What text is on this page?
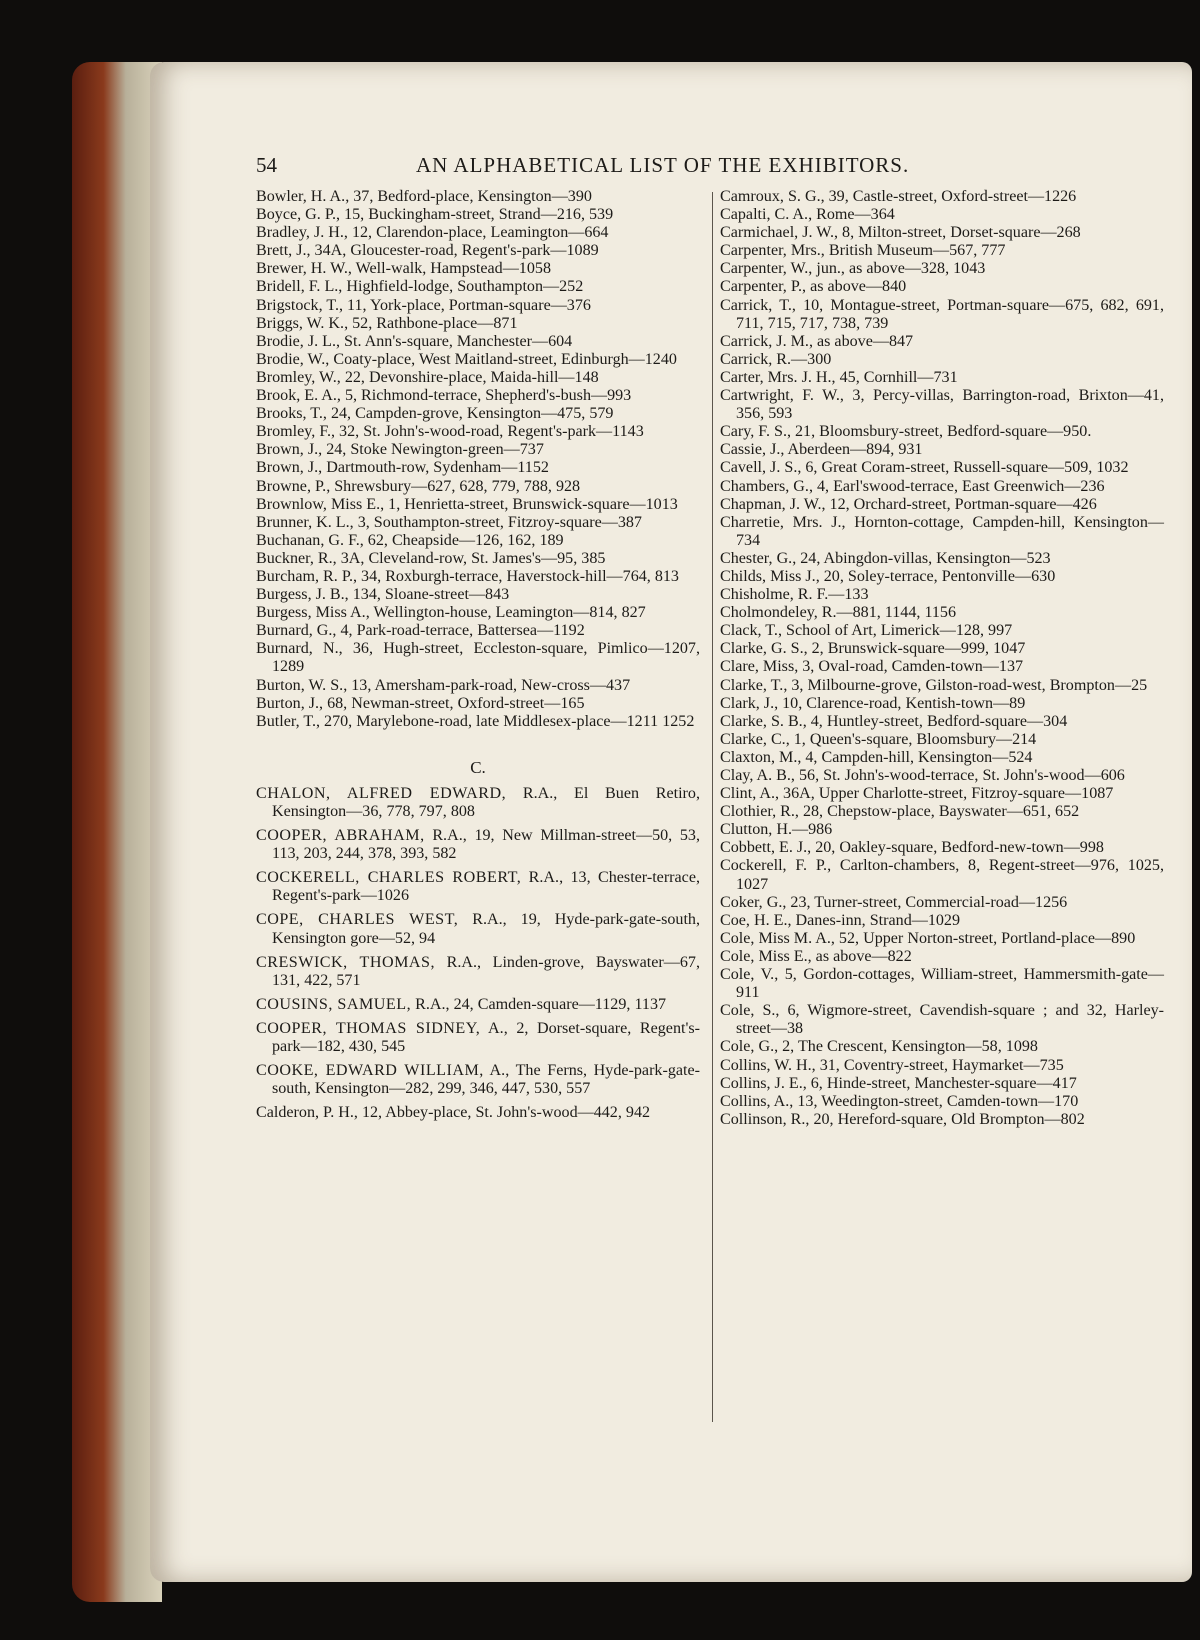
54	AN ALPHABETICAL LIST OF THE EXHIBITORS.
Bowler, H. A., 37, Bedford-place, Kensington—390
Boyce, G. P., 15, Buckingham-street, Strand—216, 539
Bradley, J. H., 12, Clarendon-place, Leamington—664
Brett, J., 34A, Gloucester-road, Regent's-park—1089
Brewer, H. W., Well-walk, Hampstead—1058
Bridell, F. L., Highfield-lodge, Southampton—252
Brigstock, T., 11, York-place, Portman-square—376
Briggs, W. K., 52, Rathbone-place—871
Brodie, J. L., St. Ann's-square, Manchester—604
Brodie, W., Coaty-place, West Maitland-street, Edinburgh—1240
Bromley, W., 22, Devonshire-place, Maida-hill—148
Brook, E. A., 5, Richmond-terrace, Shepherd's-bush—993
Brooks, T., 24, Campden-grove, Kensington—475, 579
Bromley, F., 32, St. John's-wood-road, Regent's-park—1143
Brown, J., 24, Stoke Newington-green—737
Brown, J., Dartmouth-row, Sydenham—1152
Browne, P., Shrewsbury—627, 628, 779, 788, 928
Brownlow, Miss E., 1, Henrietta-street, Brunswick-square—1013
Brunner, K. L., 3, Southampton-street, Fitzroy-square—387
Buchanan, G. F., 62, Cheapside—126, 162, 189
Buckner, R., 3A, Cleveland-row, St. James's—95, 385
Burcham, R. P., 34, Roxburgh-terrace, Haverstock-hill—764, 813
Burgess, J. B., 134, Sloane-street—843
Burgess, Miss A., Wellington-house, Leamington—814, 827
Burnard, G., 4, Park-road-terrace, Battersea—1192
Burnard, N., 36, Hugh-street, Eccleston-square, Pimlico—1207, 1289
Burton, W. S., 13, Amersham-park-road, New-cross—437
Burton, J., 68, Newman-street, Oxford-street—165
Butler, T., 270, Marylebone-road, late Middlesex-place—1211 1252
C.
CHALON, ALFRED EDWARD, R.A., El Buen Retiro, Kensington—36, 778, 797, 808
COOPER, ABRAHAM, R.A., 19, New Millman-street—50, 53, 113, 203, 244, 378, 393, 582
COCKERELL, CHARLES ROBERT, R.A., 13, Chester-terrace, Regent's-park—1026
COPE, CHARLES WEST, R.A., 19, Hyde-park-gate-south, Kensington gore—52, 94
CRESWICK, THOMAS, R.A., Linden-grove, Bayswater—67, 131, 422, 571
COUSINS, SAMUEL, R.A., 24, Camden-square—1129, 1137
COOPER, THOMAS SIDNEY, A., 2, Dorset-square, Regent's-park—182, 430, 545
COOKE, EDWARD WILLIAM, A., The Ferns, Hyde-park-gate-south, Kensington—282, 299, 346, 447, 530, 557
Calderon, P. H., 12, Abbey-place, St. John's-wood—442, 942
Camroux, S. G., 39, Castle-street, Oxford-street—1226
Capalti, C. A., Rome—364
Carmichael, J. W., 8, Milton-street, Dorset-square—268
Carpenter, Mrs., British Museum—567, 777
Carpenter, W., jun., as above—328, 1043
Carpenter, P., as above—840
Carrick, T., 10, Montague-street, Portman-square—675, 682, 691, 711, 715, 717, 738, 739
Carrick, J. M., as above—847
Carrick, R.—300
Carter, Mrs. J. H., 45, Cornhill—731
Cartwright, F. W., 3, Percy-villas, Barrington-road, Brixton—41, 356, 593
Cary, F. S., 21, Bloomsbury-street, Bedford-square—950.
Cassie, J., Aberdeen—894, 931
Cavell, J. S., 6, Great Coram-street, Russell-square—509, 1032
Chambers, G., 4, Earl'swood-terrace, East Greenwich—236
Chapman, J. W., 12, Orchard-street, Portman-square—426
Charretie, Mrs. J., Hornton-cottage, Campden-hill, Kensington—734
Chester, G., 24, Abingdon-villas, Kensington—523
Childs, Miss J., 20, Soley-terrace, Pentonville—630
Chisholme, R. F.—133
Cholmondeley, R.—881, 1144, 1156
Clack, T., School of Art, Limerick—128, 997
Clarke, G. S., 2, Brunswick-square—999, 1047
Clare, Miss, 3, Oval-road, Camden-town—137
Clarke, T., 3, Milbourne-grove, Gilston-road-west, Brompton—25
Clark, J., 10, Clarence-road, Kentish-town—89
Clarke, S. B., 4, Huntley-street, Bedford-square—304
Clarke, C., 1, Queen's-square, Bloomsbury—214
Claxton, M., 4, Campden-hill, Kensington—524
Clay, A. B., 56, St. John's-wood-terrace, St. John's-wood—606
Clint, A., 36A, Upper Charlotte-street, Fitzroy-square—1087
Clothier, R., 28, Chepstow-place, Bayswater—651, 652
Clutton, H.—986
Cobbett, E. J., 20, Oakley-square, Bedford-new-town—998
Cockerell, F. P., Carlton-chambers, 8, Regent-street—976, 1025, 1027
Coker, G., 23, Turner-street, Commercial-road—1256
Coe, H. E., Danes-inn, Strand—1029
Cole, Miss M. A., 52, Upper Norton-street, Portland-place—890
Cole, Miss E., as above—822
Cole, V., 5, Gordon-cottages, William-street, Hammersmith-gate—911
Cole, S., 6, Wigmore-street, Cavendish-square ; and 32, Harley-street—38
Cole, G., 2, The Crescent, Kensington—58, 1098
Collins, W. H., 31, Coventry-street, Haymarket—735
Collins, J. E., 6, Hinde-street, Manchester-square—417
Collins, A., 13, Weedington-street, Camden-town—170
Collinson, R., 20, Hereford-square, Old Brompton—802
